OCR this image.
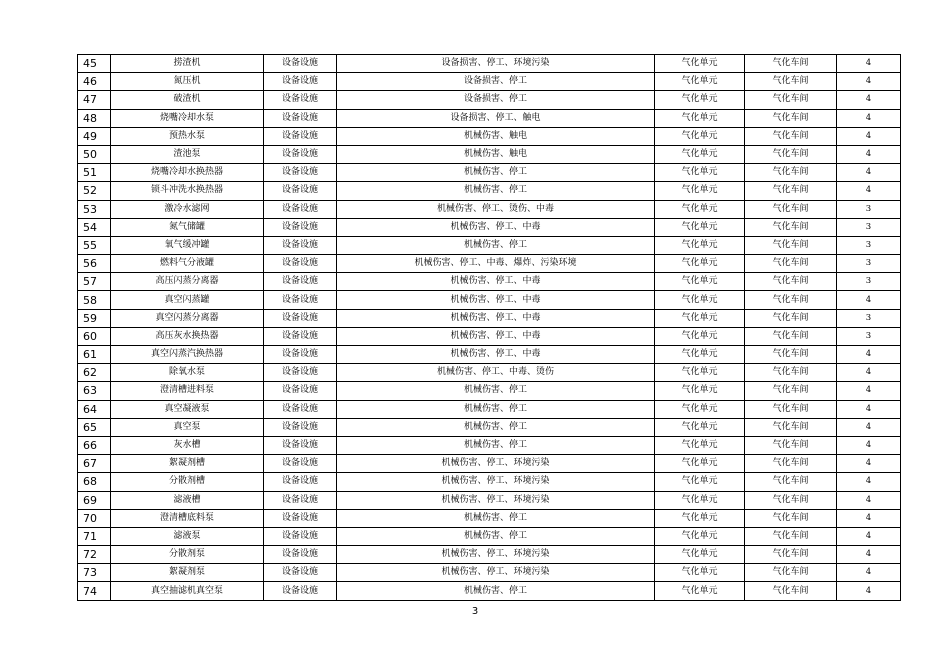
45	捞渣机	设备设施	设备损害、停工、环境污染	气化单元	气化车间	4
46	氮压机	设备设施	设备损害、停工	气化单元	气化车间	4
47	破渣机	设备设施	设备损害、停工	气化单元	气化车间	4
48	烧嘴冷却水泵	设备设施	设备损害、停工、触电	气化单元	气化车间	4
49	预热水泵	设备设施	机械伤害、触电	气化单元	气化车间	4
50	渣池泵	设备设施	机械伤害、触电	气化单元	气化车间	4
51	烧嘴冷却水换热器	设备设施	机械伤害、停工	气化单元	气化车间	4
52	锁斗冲洗水换热器	设备设施	机械伤害、停工	气化单元	气化车间	4
53	激冷水滤网	设备设施	机械伤害、停工、烫伤、中毒	气化单元	气化车间	3
54	氮气储罐	设备设施	机械伤害、停工、中毒	气化单元	气化车间	3
55	氧气缓冲罐	设备设施	机械伤害、停工	气化单元	气化车间	3
56	燃料气分液罐	设备设施	机械伤害、停工、中毒、爆炸、污染环境	气化单元	气化车间	3
57	高压闪蒸分离器	设备设施	机械伤害、停工、中毒	气化单元	气化车间	3
58	真空闪蒸罐	设备设施	机械伤害、停工、中毒	气化单元	气化车间	4
59	真空闪蒸分离器	设备设施	机械伤害、停工、中毒	气化单元	气化车间	3
60	高压灰水换热器	设备设施	机械伤害、停工、中毒	气化单元	气化车间	3
61	真空闪蒸汽换热器	设备设施	机械伤害、停工、中毒	气化单元	气化车间	4
62	除氧水泵	设备设施	机械伤害、停工、中毒、烫伤	气化单元	气化车间	4
63	澄清槽进料泵	设备设施	机械伤害、停工	气化单元	气化车间	4
64	真空凝液泵	设备设施	机械伤害、停工	气化单元	气化车间	4
65	真空泵	设备设施	机械伤害、停工	气化单元	气化车间	4
66	灰水槽	设备设施	机械伤害、停工	气化单元	气化车间	4
67	絮凝剂槽	设备设施	机械伤害、停工、环境污染	气化单元	气化车间	4
68	分散剂槽	设备设施	机械伤害、停工、环境污染	气化单元	气化车间	4
69	滤液槽	设备设施	机械伤害、停工、环境污染	气化单元	气化车间	4
70	澄清槽底料泵	设备设施	机械伤害、停工	气化单元	气化车间	4
71	滤液泵	设备设施	机械伤害、停工	气化单元	气化车间	4
72	分散剂泵	设备设施	机械伤害、停工、环境污染	气化单元	气化车间	4
73	絮凝剂泵	设备设施	机械伤害、停工、环境污染	气化单元	气化车间	4
74	真空抽滤机真空泵	设备设施	机械伤害、停工	气化单元	气化车间	4
3
